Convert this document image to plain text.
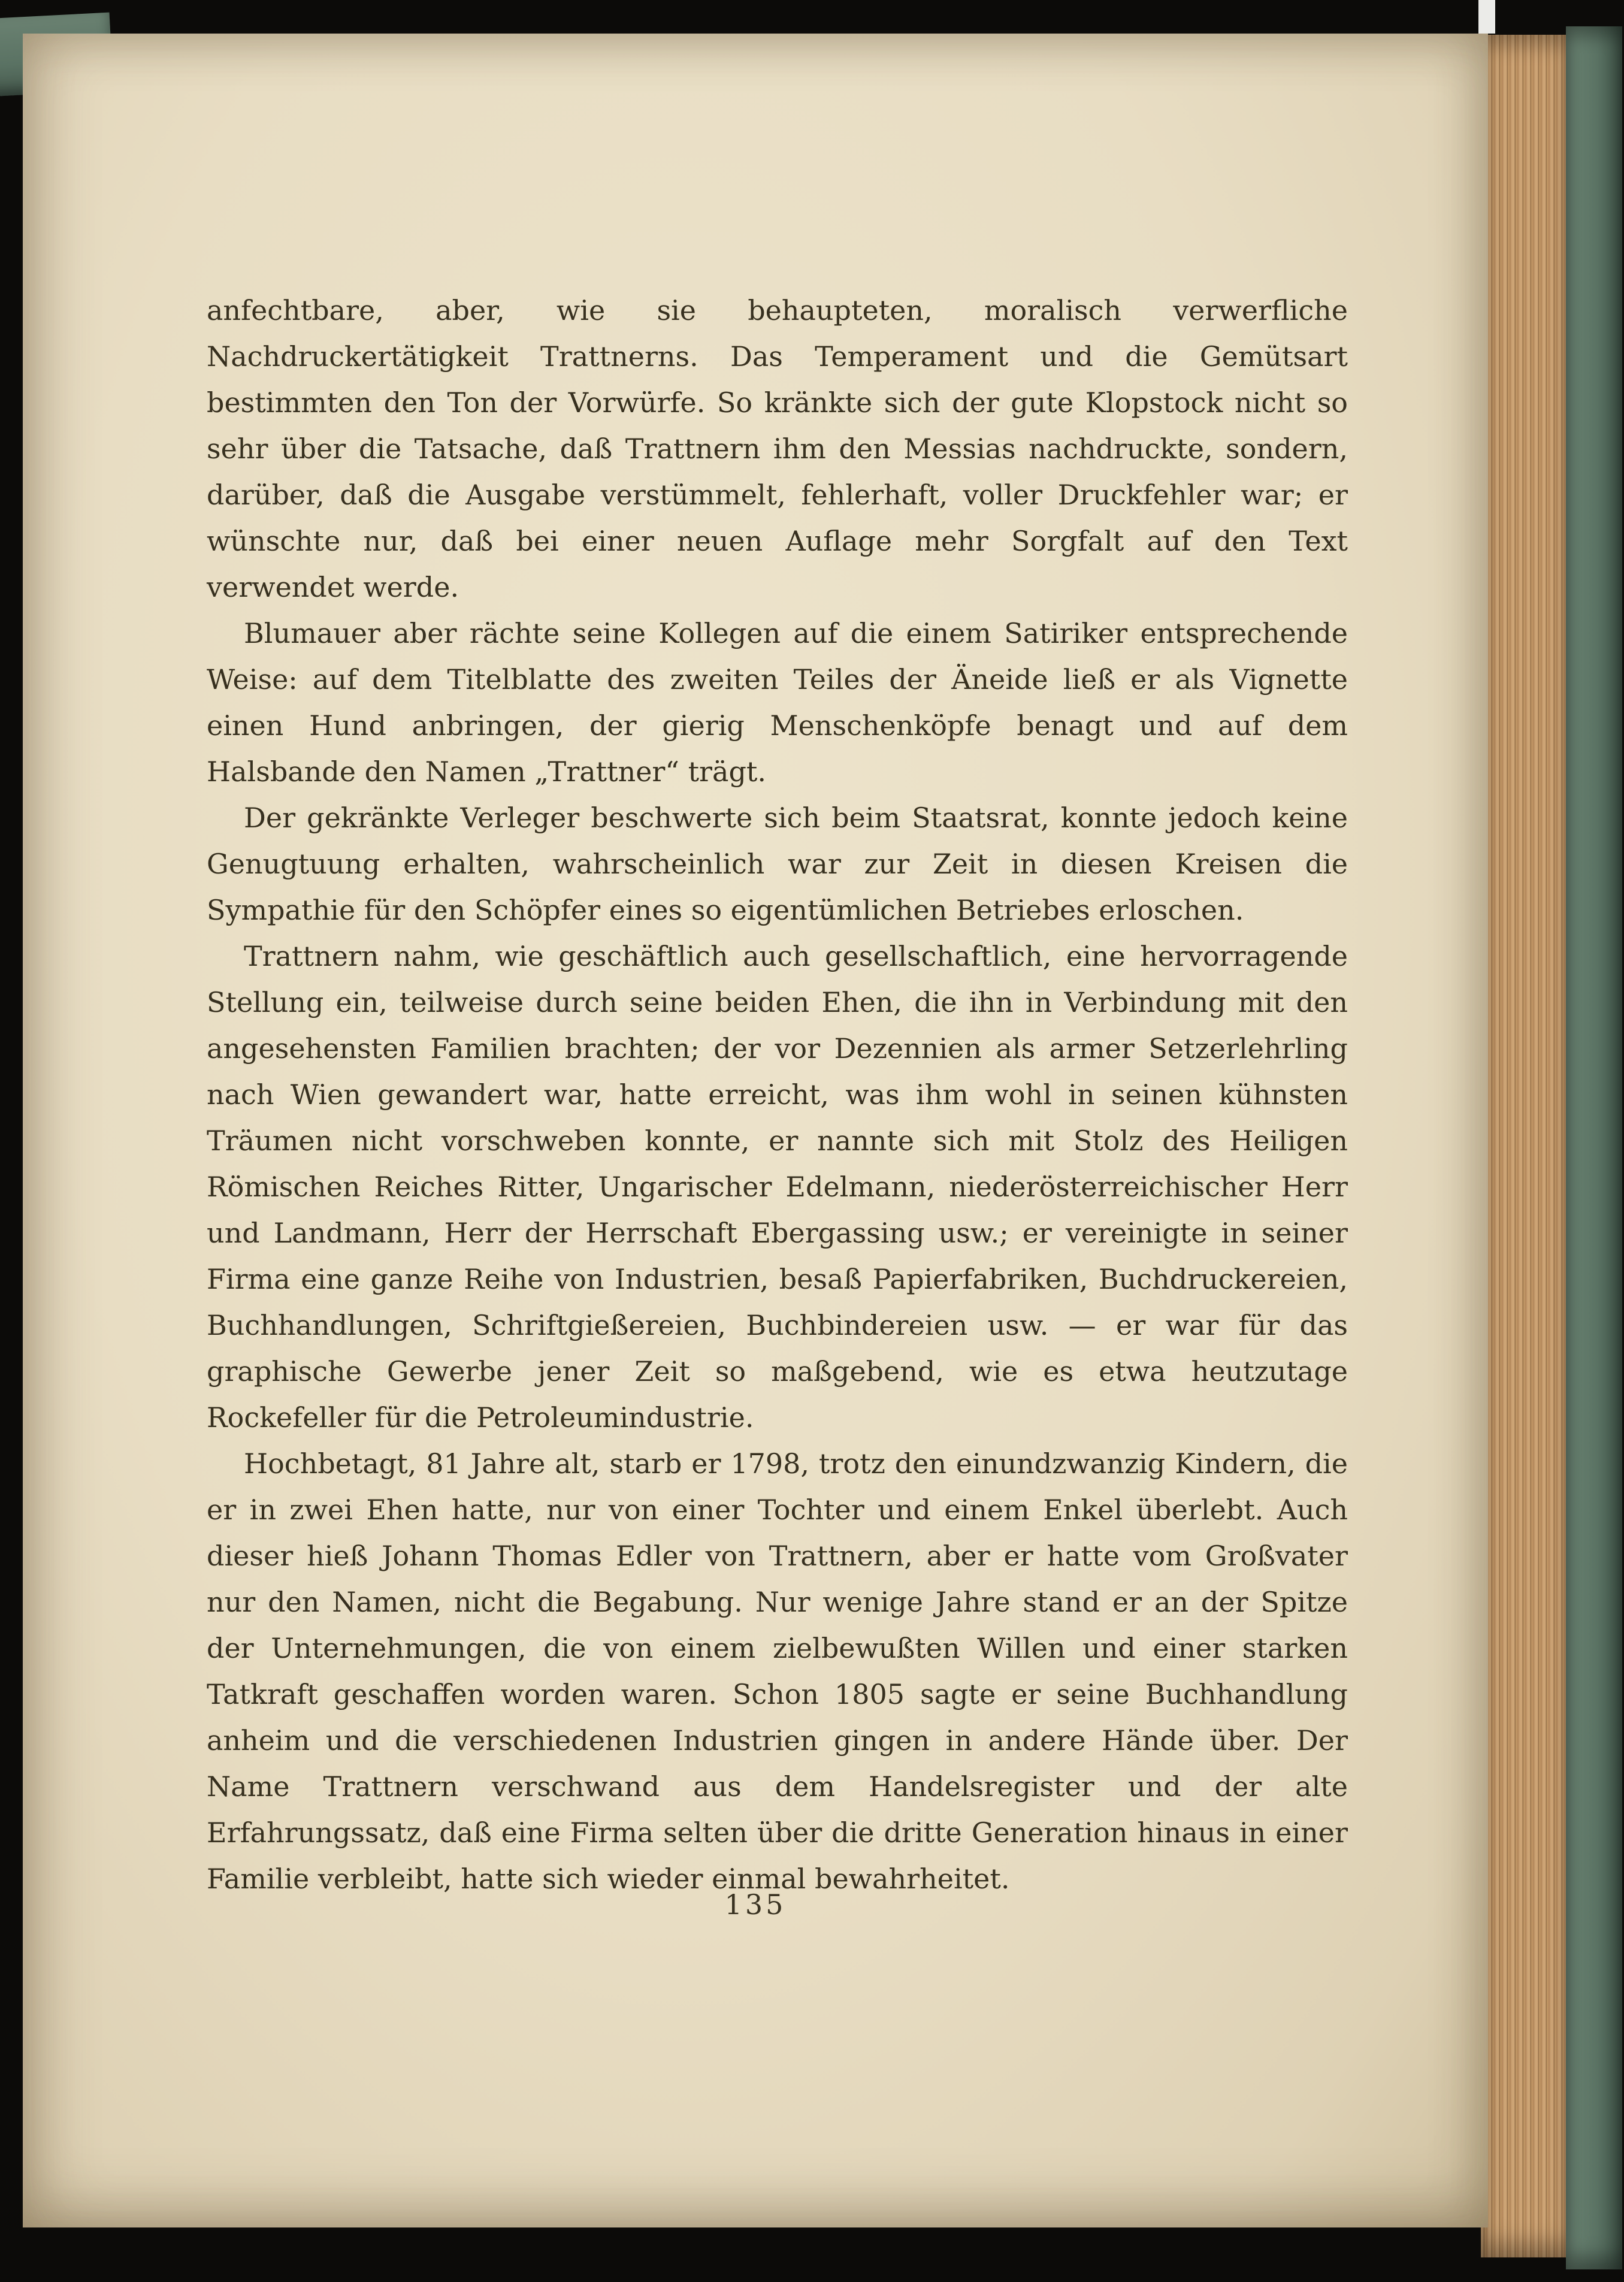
anfechtbare, aber, wie sie behaupteten, moralisch verwerfliche Nachdruckertätigkeit Trattnerns. Das Temperament und die Gemütsart bestimmten den Ton der Vorwürfe. So kränkte sich der gute Klopstock nicht so sehr über die Tatsache, daß Trattnern ihm den Messias nachdruckte, sondern, darüber, daß die Ausgabe verstümmelt, fehlerhaft, voller Druckfehler war; er wünschte nur, daß bei einer neuen Auflage mehr Sorgfalt auf den Text verwendet werde.

Blumauer aber rächte seine Kollegen auf die einem Satiriker entsprechende Weise: auf dem Titelblatte des zweiten Teiles der Äneide ließ er als Vignette einen Hund anbringen, der gierig Menschenköpfe benagt und auf dem Halsbande den Namen „Trattner“ trägt.

Der gekränkte Verleger beschwerte sich beim Staatsrat, konnte jedoch keine Genugtuung erhalten, wahrscheinlich war zur Zeit in diesen Kreisen die Sympathie für den Schöpfer eines so eigentümlichen Betriebes erloschen.

Trattnern nahm, wie geschäftlich auch gesellschaftlich, eine hervorragende Stellung ein, teilweise durch seine beiden Ehen, die ihn in Verbindung mit den angesehensten Familien brachten; der vor Dezennien als armer Setzerlehrling nach Wien gewandert war, hatte erreicht, was ihm wohl in seinen kühnsten Träumen nicht vorschweben konnte, er nannte sich mit Stolz des Heiligen Römischen Reiches Ritter, Ungarischer Edelmann, niederösterreichischer Herr und Landmann, Herr der Herrschaft Ebergassing usw.; er vereinigte in seiner Firma eine ganze Reihe von Industrien, besaß Papierfabriken, Buchdruckereien, Buchhandlungen, Schriftgießereien, Buchbindereien usw. — er war für das graphische Gewerbe jener Zeit so maßgebend, wie es etwa heutzutage Rockefeller für die Petroleumindustrie.

Hochbetagt, 81 Jahre alt, starb er 1798, trotz den einundzwanzig Kindern, die er in zwei Ehen hatte, nur von einer Tochter und einem Enkel überlebt. Auch dieser hieß Johann Thomas Edler von Trattnern, aber er hatte vom Großvater nur den Namen, nicht die Begabung. Nur wenige Jahre stand er an der Spitze der Unternehmungen, die von einem zielbewußten Willen und einer starken Tatkraft geschaffen worden waren. Schon 1805 sagte er seine Buchhandlung anheim und die verschiedenen Industrien gingen in andere Hände über. Der Name Trattnern verschwand aus dem Handelsregister und der alte Erfahrungssatz, daß eine Firma selten über die dritte Generation hinaus in einer Familie verbleibt, hatte sich wieder einmal bewahrheitet.

135
